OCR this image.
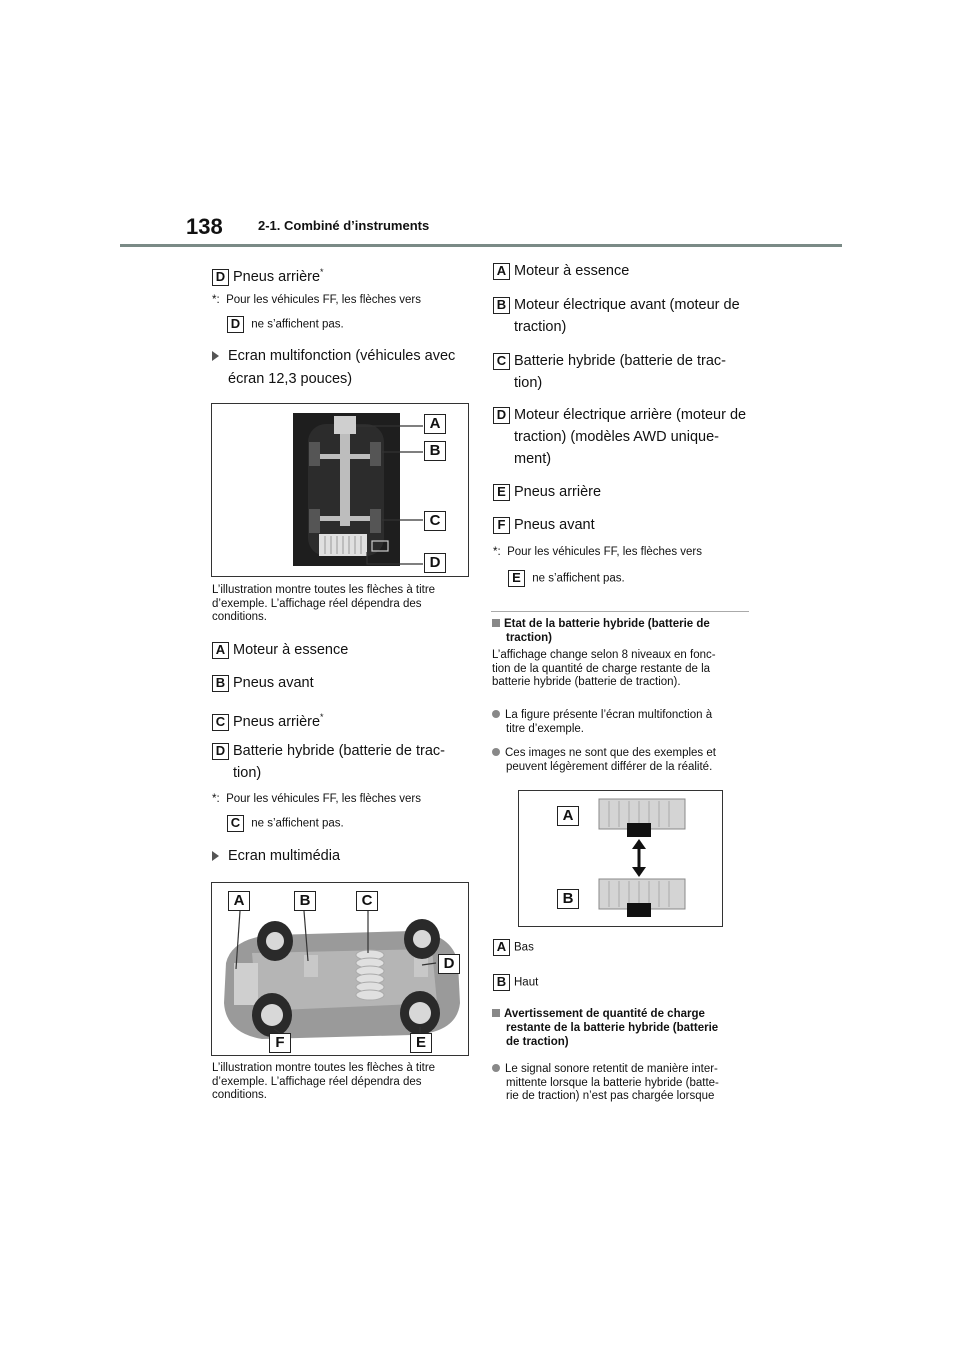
138	2-1. Combiné d’instruments
D Pneus arrière*
*: Pour les véhicules FF, les flèches vers
D ne s’affichent pas.
Ecran multifonction (véhicules avec
écran 12,3 pouces)
A
B
C
D
L’illustration montre toutes les flèches à titre
d’exemple. L’affichage réel dépendra des
conditions.
A Moteur à essence
B Pneus avant
C Pneus arrière*
D Batterie hybride (batterie de trac-
tion)
*: Pour les véhicules FF, les flèches vers
C ne s’affichent pas.
Ecran multimédia
A	B	C
D
F	E
L’illustration montre toutes les flèches à titre
d’exemple. L’affichage réel dépendra des
conditions.
A Moteur à essence
B Moteur électrique avant (moteur de
traction)
C Batterie hybride (batterie de trac-
tion)
D Moteur électrique arrière (moteur de
traction) (modèles AWD unique-
ment)
E Pneus arrière
F Pneus avant
*: Pour les véhicules FF, les flèches vers
E ne s’affichent pas.
Etat de la batterie hybride (batterie de
traction)
L’affichage change selon 8 niveaux en fonc-
tion de la quantité de charge restante de la
batterie hybride (batterie de traction).
La figure présente l’écran multifonction à
titre d’exemple.
Ces images ne sont que des exemples et
peuvent légèrement différer de la réalité.
A
B
A Bas
B Haut
Avertissement de quantité de charge
restante de la batterie hybride (batterie
de traction)
Le signal sonore retentit de manière inter-
mittente lorsque la batterie hybride (batte-
rie de traction) n’est pas chargée lorsque
